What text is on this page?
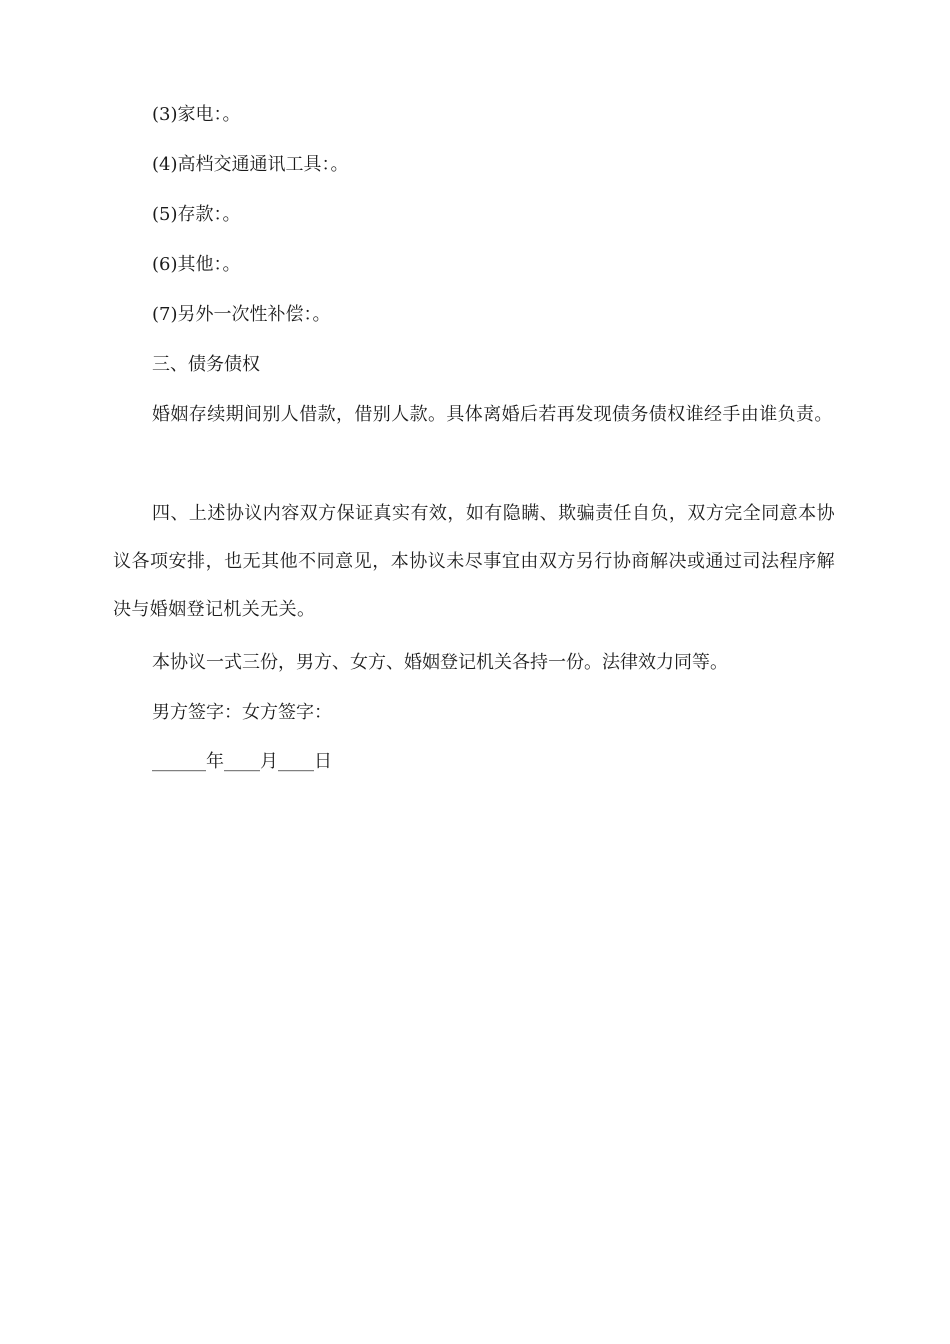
(3)家电：。
(4)高档交通通讯工具：。
(5)存款：。
(6)其他：。
(7)另外一次性补偿：。
三、债务债权
婚姻存续期间别人借款，借别人款。具体离婚后若再发现债务债权谁经手由谁负责。
四、上述协议内容双方保证真实有效，如有隐瞒、欺骗责任自负，双方完全同意本协议各项安排，也无其他不同意见，本协议未尽事宜由双方另行协商解决或通过司法程序解决与婚姻登记机关无关。
本协议一式三份，男方、女方、婚姻登记机关各持一份。法律效力同等。
男方签字：女方签字：
______年____月____日
